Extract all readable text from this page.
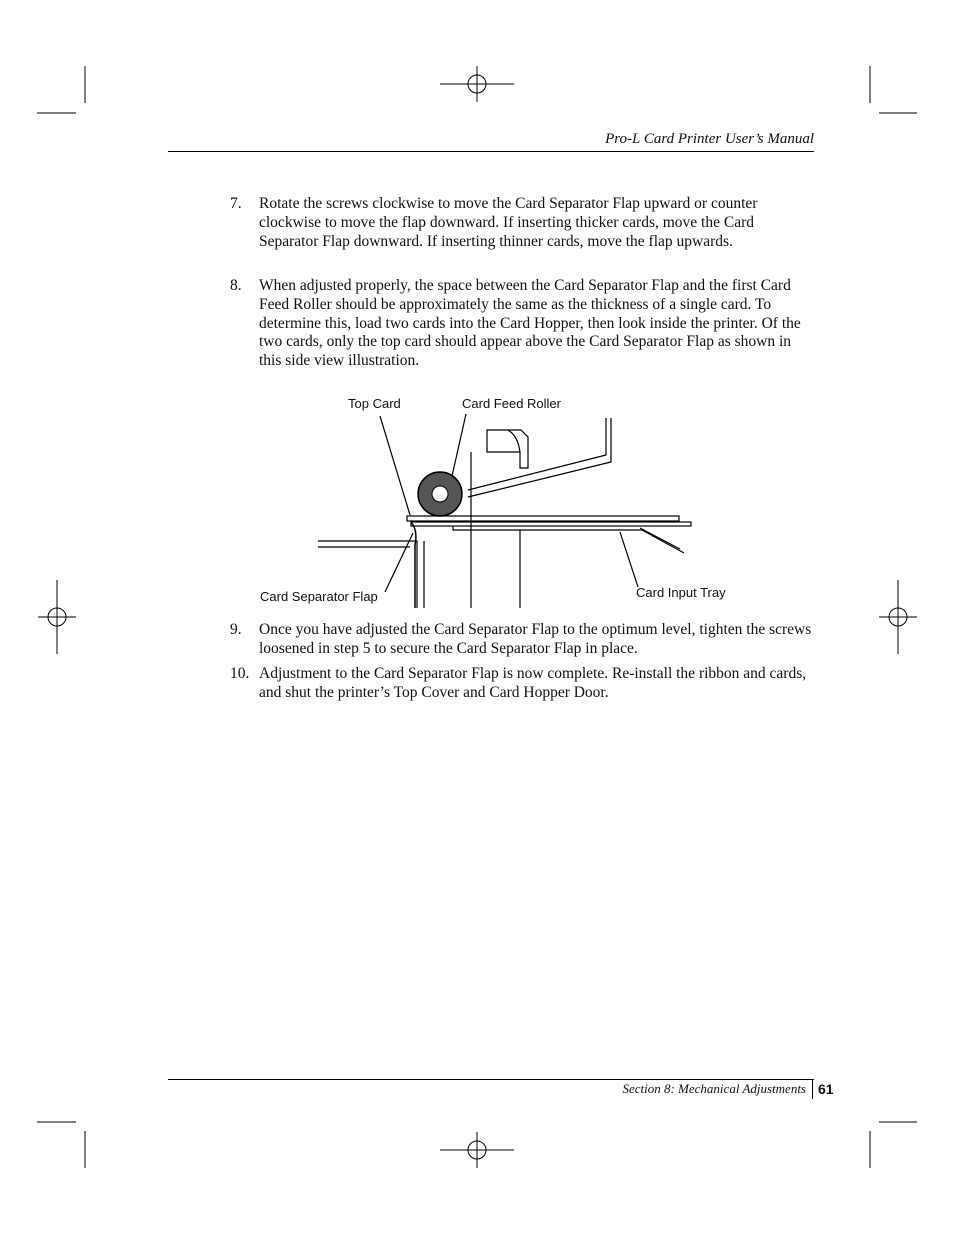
Pro-L Card Printer User’s Manual
7. Rotate the screws clockwise to move the Card Separator Flap upward or counter clockwise to move the flap downward. If inserting thicker cards, move the Card Separator Flap downward. If inserting thinner cards, move the flap upwards.
8. When adjusted properly, the space between the Card Separator Flap and the first Card Feed Roller should be approximately the same as the thickness of a single card. To determine this, load two cards into the Card Hopper, then look inside the printer. Of the two cards, only the top card should appear above the Card Separator Flap as shown in this side view illustration.
Top Card	Card Feed Roller
Card Separator Flap	Card Input Tray
9. Once you have adjusted the Card Separator Flap to the optimum level, tighten the screws loosened in step 5 to secure the Card Separator Flap in place.
10. Adjustment to the Card Separator Flap is now complete. Re-install the ribbon and cards, and shut the printer’s Top Cover and Card Hopper Door.
Section 8: Mechanical Adjustments 61
